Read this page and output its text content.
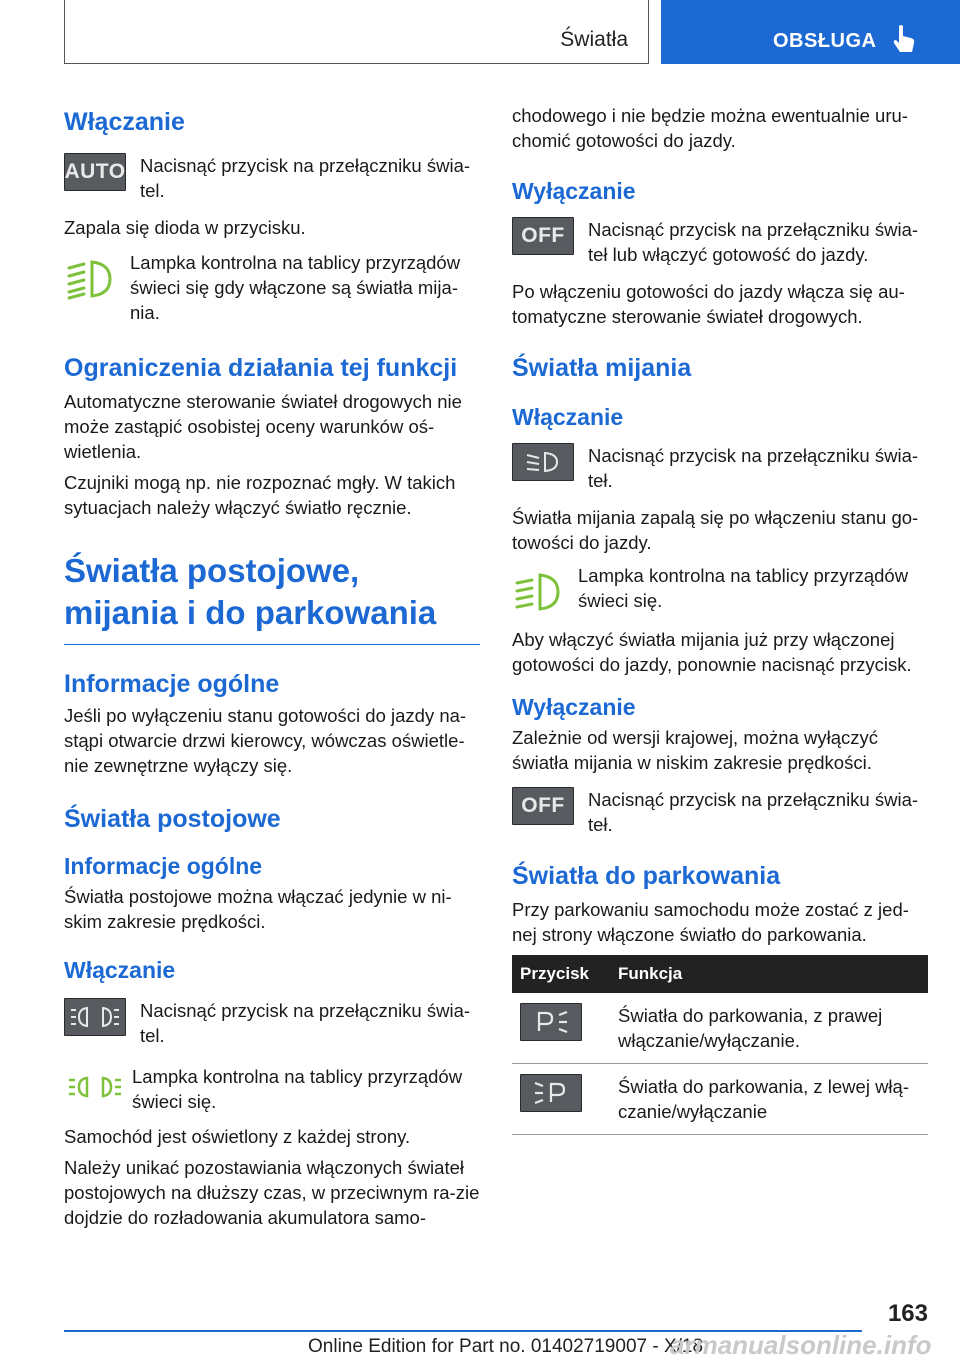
Światła	OBSŁUGA
Włączanie
AUTO Nacisnąć przycisk na przełączniku świa‐tel.

Zapala się dioda w przycisku.

Lampka kontrolna na tablicy przyrządów świeci się gdy włączone są światła mija‐nia.

Ograniczenia działania tej funkcji

Automatyczne sterowanie świateł drogowych nie może zastąpić osobistej oceny warunków oś‐wietlenia.

Czujniki mogą np. nie rozpoznać mgły. W takich sytuacjach należy włączyć światło ręcznie.

Światła postojowe, mijania i do parkowania
Informacje ogólne

Jeśli po wyłączeniu stanu gotowości do jazdy na‐stąpi otwarcie drzwi kierowcy, wówczas oświetle‐nie zewnętrzne wyłączy się.

Światła postojowe
Informacje ogólne

Światła postojowe można włączać jedynie w ni‐skim zakresie prędkości.

Włączanie

Nacisnąć przycisk na przełączniku świa‐tel.

Lampka kontrolna na tablicy przyrządów świeci się.

Samochód jest oświetlony z każdej strony.

Należy unikać pozostawiania włączonych świateł postojowych na dłuższy czas, w przeciwnym ra‐zie dojdzie do rozładowania akumulatora samo‐

chodowego i nie będzie można ewentualnie uru‐chomić gotowości do jazdy.

Wyłączanie
OFF Nacisnąć przycisk na przełączniku świa‐teł lub włączyć gotowość do jazdy.

Po włączeniu gotowości do jazdy włącza się au‐tomatyczne sterowanie świateł drogowych.

Światła mijania
Włączanie

Nacisnąć przycisk na przełączniku świa‐teł.

Światła mijania zapalą się po włączeniu stanu go‐towości do jazdy.

Lampka kontrolna na tablicy przyrządów świeci się.

Aby włączyć światła mijania już przy włączonej gotowości do jazdy, ponownie nacisnąć przycisk.

Wyłączanie

Zależnie od wersji krajowej, można wyłączyć światła mijania w niskim zakresie prędkości.

OFF Nacisnąć przycisk na przełączniku świa‐teł.

Światła do parkowania

Przy parkowaniu samochodu może zostać z jed‐nej strony włączone światło do parkowania.

Przycisk	Funkcja

	Światła do parkowania, z prawej włączanie/wyłączanie.

	Światła do parkowania, z lewej włą‐czanie/wyłączanie
163
Online Edition for Part no. 01402719007 - X/18
armanualsonline.info
